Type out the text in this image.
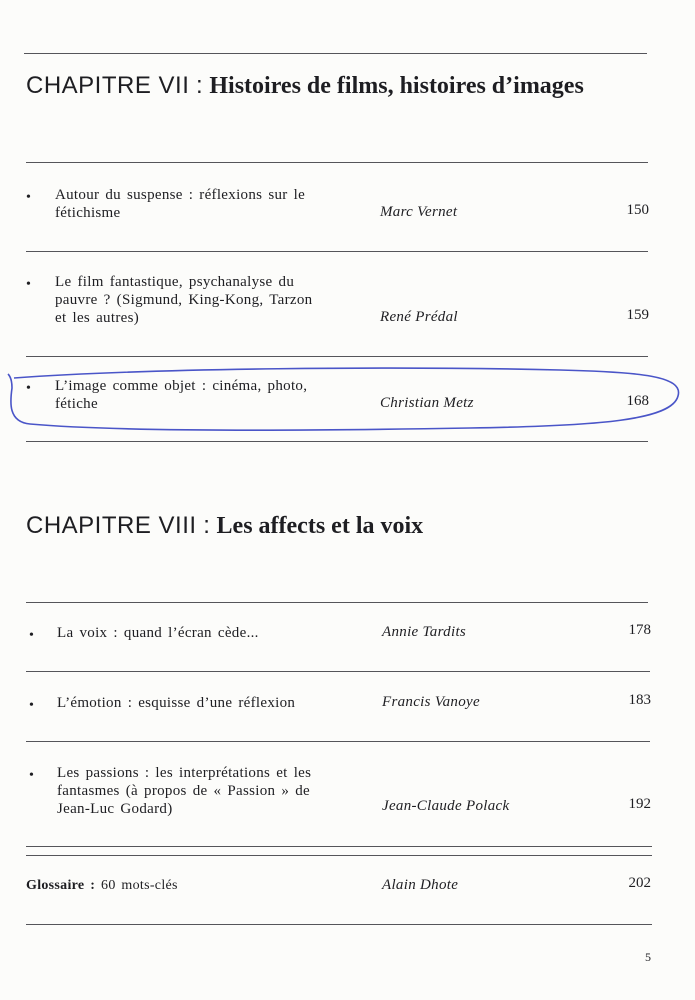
CHAPITRE VII : Histoires de films, histoires d’images
• Autour du suspense : réflexions sur le
fétichisme	Marc Vernet	150
• Le film fantastique, psychanalyse du
pauvre ? (Sigmund, King-Kong, Tarzon
et les autres)	René Prédal	159
• L’image comme objet : cinéma, photo,
fétiche	Christian Metz	168
CHAPITRE VIII : Les affects et la voix
• La voix : quand l’écran cède...	Annie Tardits	178
• L’émotion : esquisse d’une réflexion	Francis Vanoye	183
• Les passions : les interprétations et les
fantasmes (à propos de « Passion » de
Jean-Luc Godard)	Jean-Claude Polack	192
Glossaire : 60 mots-clés	Alain Dhote	202
5
